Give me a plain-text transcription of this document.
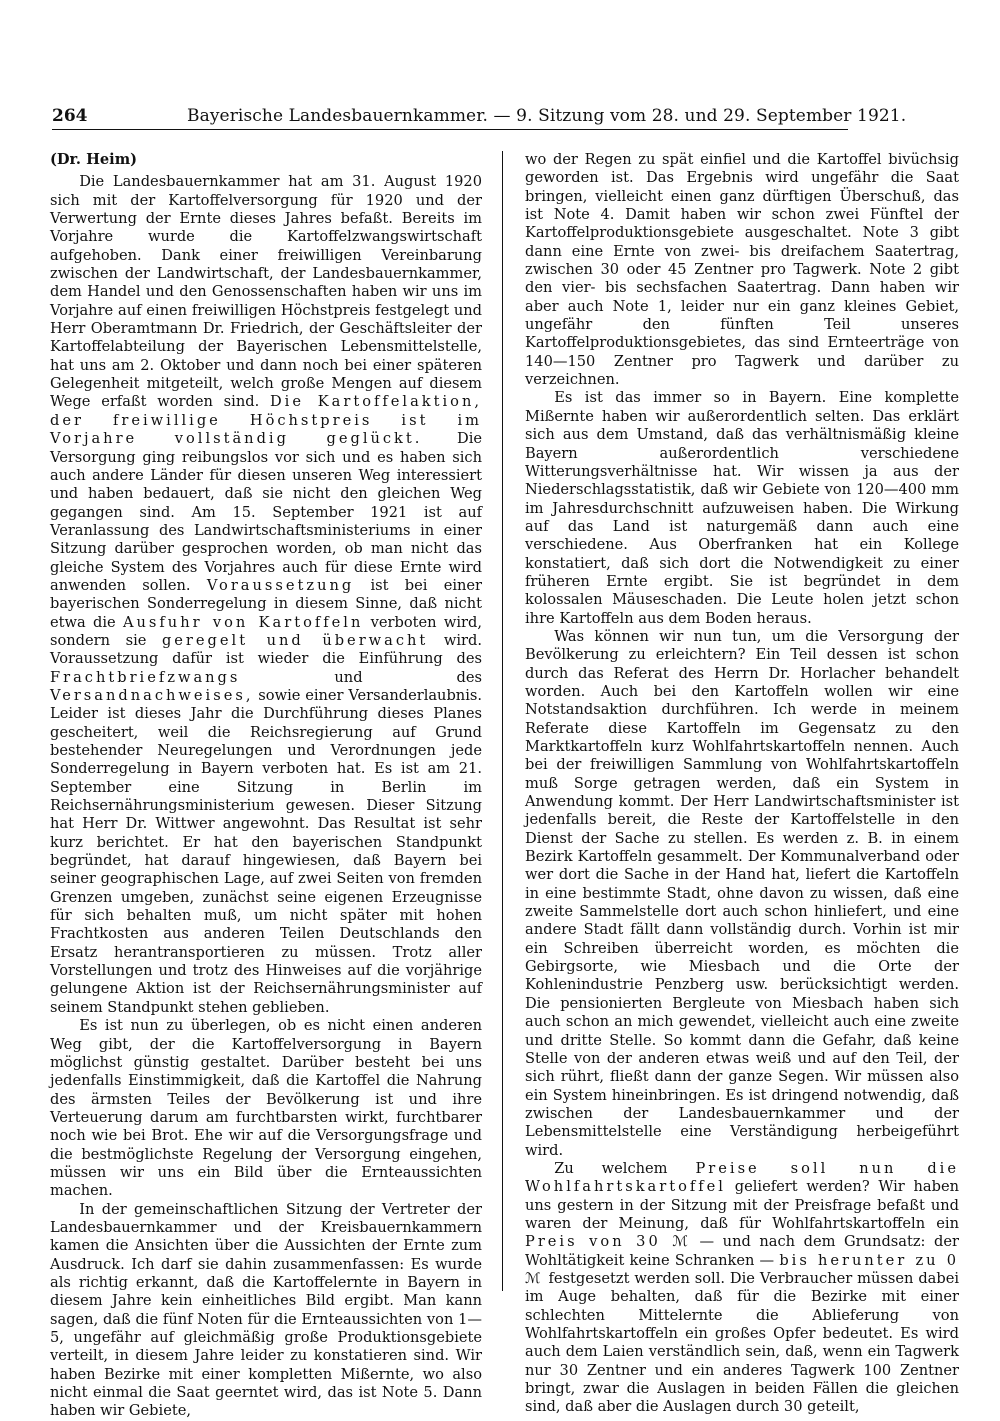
264	Bayerische Landesbauernkammer. — 9. Sitzung vom 28. und 29. September 1921.

(Dr. Heim)

Die Landesbauernkammer hat am 31. August 1920 sich mit der Kartoffelversorgung für 1920 und der Verwertung der Ernte dieses Jahres befaßt. Bereits im Vorjahre wurde die Kartoffelzwangswirtschaft aufgehoben. Dank einer freiwilligen Vereinbarung zwischen der Landwirtschaft, der Landesbauernkammer, dem Handel und den Genossenschaften haben wir uns im Vorjahre auf einen freiwilligen Höchstpreis festgelegt und Herr Oberamtmann Dr. Friedrich, der Geschäftsleiter der Kartoffelabteilung der Bayerischen Lebensmittelstelle, hat uns am 2. Oktober und dann noch bei einer späteren Gelegenheit mitgeteilt, welch große Mengen auf diesem Wege erfaßt worden sind. Die Kartoffelaktion, der freiwillige Höchstpreis ist im Vorjahre vollständig geglückt. Die Versorgung ging reibungslos vor sich und es haben sich auch andere Länder für diesen unseren Weg interessiert und haben bedauert, daß sie nicht den gleichen Weg gegangen sind. Am 15. September 1921 ist auf Veranlassung des Landwirtschaftsministeriums in einer Sitzung darüber gesprochen worden, ob man nicht das gleiche System des Vorjahres auch für diese Ernte wird anwenden sollen. Voraussetzung ist bei einer bayerischen Sonderregelung in diesem Sinne, daß nicht etwa die Ausfuhr von Kartoffeln verboten wird, sondern sie geregelt und überwacht wird. Voraussetzung dafür ist wieder die Einführung des Frachtbriefzwangs	und des Versandnachweises, sowie einer Versanderlaubnis. Leider ist dieses Jahr die Durchführung dieses Planes gescheitert, weil die Reichsregierung auf Grund bestehender Neuregelungen und Verordnungen jede Sonderregelung in Bayern verboten hat. Es ist am 21. September eine Sitzung in Berlin im Reichsernährungsministerium gewesen. Dieser Sitzung hat Herr Dr. Wittwer angewohnt. Das Resultat ist sehr kurz berichtet. Er hat den bayerischen Standpunkt begründet, hat darauf hingewiesen, daß Bayern bei seiner geographischen Lage, auf zwei Seiten von fremden Grenzen umgeben, zunächst seine eigenen Erzeugnisse für sich behalten muß, um nicht später mit hohen Frachtkosten aus anderen Teilen Deutschlands den Ersatz herantransportieren zu müssen. Trotz aller Vorstellungen und trotz des Hinweises auf die vorjährige gelungene Aktion ist der Reichsernährungsminister auf seinem Standpunkt stehen geblieben.

Es ist nun zu überlegen, ob es nicht einen anderen Weg gibt, der die Kartoffelversorgung in Bayern möglichst günstig gestaltet. Darüber besteht bei uns jedenfalls Einstimmigkeit, daß die Kartoffel die Nahrung des ärmsten Teiles der Bevölkerung ist und ihre Verteuerung darum am furchtbarsten wirkt, furchtbarer noch wie bei Brot. Ehe wir auf die Versorgungsfrage und die bestmöglichste Regelung der Versorgung eingehen, müssen wir uns ein Bild über die Ernteaussichten machen.

In der gemeinschaftlichen Sitzung der Vertreter der Landesbauernkammer und der Kreisbauernkammern kamen die Ansichten über die Aussichten der Ernte zum Ausdruck. Ich darf sie dahin zusammenfassen: Es wurde als richtig erkannt, daß die Kartoffelernte in Bayern in diesem Jahre kein einheitliches Bild ergibt. Man kann sagen, daß die fünf Noten für die Ernteaussichten von 1—5, ungefähr auf gleichmäßig große Produktionsgebiete verteilt, in diesem Jahre leider zu konstatieren sind. Wir haben Bezirke mit einer kompletten Mißernte, wo also nicht einmal die Saat geerntet wird, das ist Note 5. Dann haben wir Gebiete,

wo der Regen zu spät einfiel und die Kartoffel bivüchsig geworden ist. Das Ergebnis wird ungefähr die Saat bringen, vielleicht einen ganz dürftigen Überschuß, das ist Note 4. Damit haben wir schon zwei Fünftel der Kartoffelproduktionsgebiete ausgeschaltet. Note 3 gibt dann eine Ernte von zwei- bis dreifachem Saatertrag, zwischen 30 oder 45 Zentner pro Tagwerk. Note 2 gibt den vier- bis sechsfachen Saatertrag. Dann haben wir aber auch Note 1, leider nur ein ganz kleines Gebiet, ungefähr den fünften Teil unseres Kartoffelproduktionsgebietes, das sind Ernteerträge von 140—150 Zentner pro Tagwerk und darüber zu verzeichnen.

Es ist das immer so in Bayern. Eine komplette Mißernte haben wir außerordentlich selten. Das erklärt sich aus dem Umstand, daß das verhältnismäßig kleine Bayern außerordentlich verschiedene Witterungsverhältnisse hat. Wir wissen ja aus der Niederschlagsstatistik, daß wir Gebiete von 120—400 mm im Jahresdurchschnitt aufzuweisen haben. Die Wirkung auf das Land ist naturgemäß dann auch eine verschiedene. Aus Oberfranken hat ein Kollege konstatiert, daß sich dort die Notwendigkeit zu einer früheren Ernte ergibt. Sie ist begründet in dem kolossalen Mäuseschaden. Die Leute holen jetzt schon ihre Kartoffeln aus dem Boden heraus.

Was können wir nun tun, um die Versorgung der Bevölkerung zu erleichtern? Ein Teil dessen ist schon durch das Referat des Herrn Dr. Horlacher behandelt worden. Auch bei den Kartoffeln wollen wir eine Notstandsaktion durchführen. Ich werde in meinem Referate diese Kartoffeln im Gegensatz zu den Marktkartoffeln kurz Wohlfahrtskartoffeln nennen. Auch bei der freiwilligen Sammlung von Wohlfahrtskartoffeln muß Sorge getragen werden, daß ein System in Anwendung kommt. Der Herr Landwirtschaftsminister ist jedenfalls bereit, die Reste der Kartoffelstelle in den Dienst der Sache zu stellen. Es werden z. B. in einem Bezirk Kartoffeln gesammelt. Der Kommunalverband oder wer dort die Sache in der Hand hat, liefert die Kartoffeln in eine bestimmte Stadt, ohne davon zu wissen, daß eine zweite Sammelstelle dort auch schon hinliefert, und eine andere Stadt fällt dann vollständig durch. Vorhin ist mir ein Schreiben überreicht worden, es möchten die Gebirgsorte, wie Miesbach und die Orte der Kohlenindustrie Penzberg usw. berücksichtigt werden. Die pensionierten Bergleute von Miesbach haben sich auch schon an mich gewendet, vielleicht auch eine zweite und dritte Stelle. So kommt dann die Gefahr, daß keine Stelle von der anderen etwas weiß und auf den Teil, der sich rührt, fließt dann der ganze Segen. Wir müssen also ein System hineinbringen. Es ist dringend notwendig, daß zwischen der Landesbauernkammer und der Lebensmittelstelle eine Verständigung herbeigeführt wird.

Zu welchem Preise soll nun die Wohlfahrtskartoffel geliefert werden? Wir haben uns gestern in der Sitzung mit der Preisfrage befaßt und waren der Meinung, daß für Wohlfahrtskartoffeln ein Preis von 30 ℳ — und nach dem Grundsatz: der Wohltätigkeit keine Schranken — bis herunter zu 0 ℳ festgesetzt werden soll. Die Verbraucher müssen dabei im Auge behalten, daß für die Bezirke mit einer schlechten Mittelernte die Ablieferung von Wohlfahrtskartoffeln ein großes Opfer bedeutet. Es wird auch dem Laien verständlich sein, daß, wenn ein Tagwerk nur 30 Zentner und ein anderes Tagwerk 100 Zentner bringt, zwar die Auslagen in beiden Fällen die gleichen sind, daß aber die Auslagen durch 30 geteilt,
